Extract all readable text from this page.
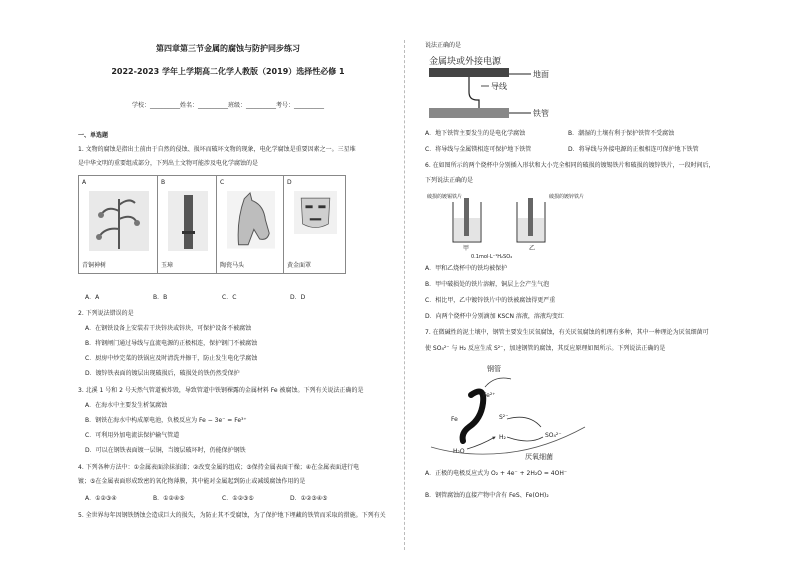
第四章第三节金属的腐蚀与防护同步练习
2022-2023 学年上学期高二化学人教版（2019）选择性必修 1
学校：__________姓名：__________班级：__________考号：__________
一、单选题
1. 文物的腐蚀是指出土前由于自然的侵蚀、损坏而破坏文物的现象，电化学腐蚀是重要因素之一。三星堆
是中华文明的重要组成部分，下列出土文物可能涉及电化学腐蚀的是
A
青铜神树

B
玉璋

C
陶瓷马头

D
黄金面罩
A．A	B．B	C．C	D．D
2. 下列说法错误的是
A．在钢铁设备上安装若干块锌块或锌块，可保护设备不被腐蚀
B．将钢闸门通过导线与直流电源的正极相连，保护钢门不被腐蚀
C．厨房中炒完菜的铁锅应及时清洗并擦干，防止发生电化学腐蚀
D．镀锌铁表面的镀层出现破损后，破损处的铁仍然受保护
3. 北溪 1 号和 2 号天然气管道被炸毁，导致管道中铁钢裸露的金属材料 Fe 被腐蚀。下列有关说法正确的是
A．在海水中主要发生析氢腐蚀
B．钢铁在海水中构成原电池，负极反应为 Fe − 3e⁻ = Fe³⁺
C．可利用外加电流法保护输气管道
D．可以在钢铁表面镀一层铜，当镀层破坏时，仍能保护钢铁
4. 下列各种方法中：①金属表面涂抹油漆；②改变金属的组成；③保持金属表面干燥；④在金属表面进行电
镀；⑤在金属表面形成致密的氧化物薄膜，其中能对金属起到防止或减缓腐蚀作用的是
A．①②③④	B．①②④⑤	C．①②③⑤	D．①②③④⑤
5. 全世界每年因钢铁锈蚀会造成巨大的损失，为防止其不受腐蚀，为了保护地下埋藏的铁管而采取的措施。下列有关
说法正确的是
金属块或外接电源
地面
导线
铁管
A．地下铁管主要发生的是电化学腐蚀	B．潮湿的土壤有利于保护铁管不受腐蚀
C．将导线与金属镁相连可保护地下铁管	D．将导线与外接电源的正极相连可保护地下铁管
6. 在如图所示的两个烧杯中分别插入形状和大小完全相同的破损的镀锡铁片和破损的镀锌铁片，一段时间后，
下列说法正确的是
破损的镀锡铁片
甲
破损的镀锌铁片
乙
0.1mol·L⁻¹H₂SO₄
A．甲和乙烧杯中的铁均被保护
B．甲中破损处的铁片溶解，铜层上会产生气泡
C．相比甲，乙中镀锌铁片中的铁被腐蚀得更严重
D．向两个烧杯中分别滴加 KSCN 溶液，溶液均变红
7. 在微碱性的泥土壤中，钢管主要发生厌氧腐蚀，有关厌氧腐蚀的机理有多种，其中一种理论为厌氧细菌可
使 SO₄²⁻ 与 H₂ 反应生成 S²⁻，加速钢管的腐蚀，其反应原理如图所示。下列说法正确的是
钢管
Fe²⁺
Fe	S²⁻
H₂
H₂O
SO₄²⁻
厌氧细菌
A．正极的电极反应式为 O₂ + 4e⁻ + 2H₂O = 4OH⁻
B．钢管腐蚀的直接产物中含有 FeS、Fe(OH)₂
